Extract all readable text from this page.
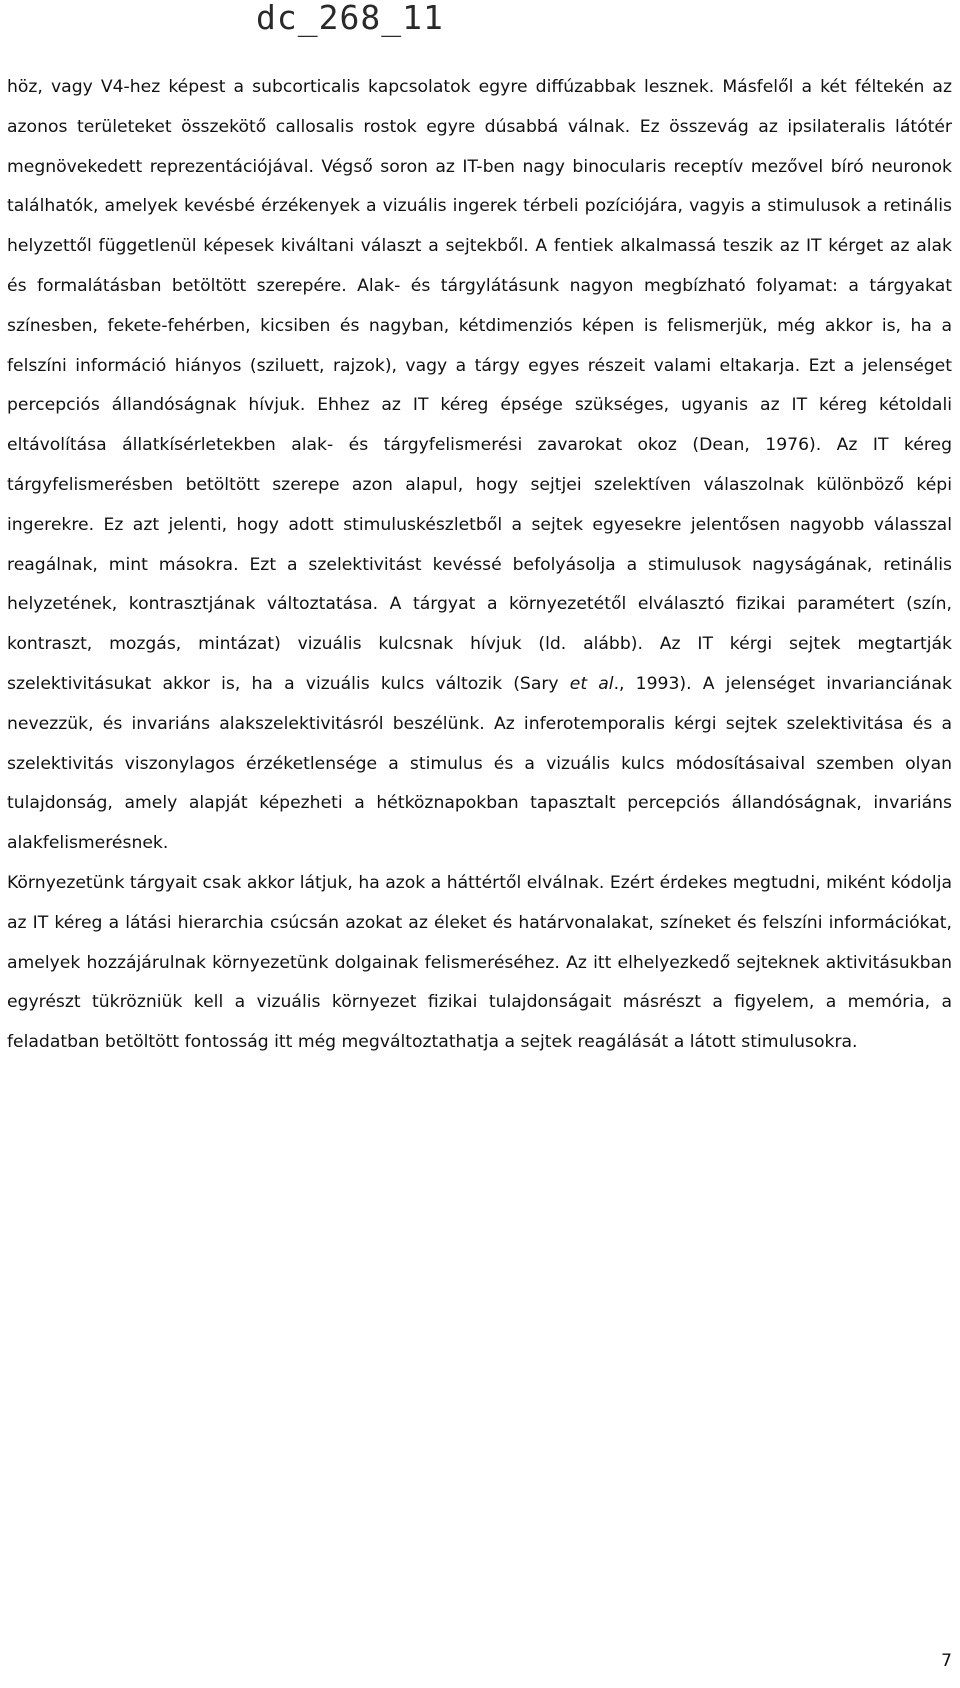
dc_268_11

höz, vagy V4-hez képest a subcorticalis kapcsolatok egyre diffúzabbak lesznek. Másfelől a két féltekén az azonos területeket összekötő callosalis rostok egyre dúsabbá válnak. Ez összevág az ipsilateralis látótér megnövekedett reprezentációjával. Végső soron az IT-ben nagy binocularis receptív mezővel bíró neuronok találhatók, amelyek kevésbé érzékenyek a vizuális ingerek térbeli pozíciójára, vagyis a stimulusok a retinális helyzettől függetlenül képesek kiváltani választ a sejtekből. A fentiek alkalmassá teszik az IT kérget az alak és formalátásban betöltött szerepére. Alak- és tárgylátásunk nagyon megbízható folyamat: a tárgyakat színesben, fekete-fehérben, kicsiben és nagyban, kétdimenziós képen is felismerjük, még akkor is, ha a felszíni információ hiányos (sziluett, rajzok), vagy a tárgy egyes részeit valami eltakarja. Ezt a jelenséget percepciós állandóságnak hívjuk. Ehhez az IT kéreg épsége szükséges, ugyanis az IT kéreg kétoldali eltávolítása állatkísérletekben alak- és tárgyfelismerési zavarokat okoz (Dean, 1976). Az IT kéreg tárgyfelismerésben betöltött szerepe azon alapul, hogy sejtjei szelektíven válaszolnak különböző képi ingerekre. Ez azt jelenti, hogy adott stimuluskészletből a sejtek egyesekre jelentősen nagyobb válasszal reagálnak, mint másokra. Ezt a szelektivitást kevéssé befolyásolja a stimulusok nagyságának, retinális helyzetének, kontrasztjának változtatása. A tárgyat a környezetétől elválasztó fizikai paramétert (szín, kontraszt, mozgás, mintázat) vizuális kulcsnak hívjuk (ld. alább). Az IT kérgi sejtek megtartják szelektivitásukat akkor is, ha a vizuális kulcs változik (Sary et al., 1993). A jelenséget invarianciának nevezzük, és invariáns alakszelektivitásról beszélünk. Az inferotemporalis kérgi sejtek szelektivitása és a szelektivitás viszonylagos érzéketlensége a stimulus és a vizuális kulcs módosításaival szemben olyan tulajdonság, amely alapját képezheti a hétköznapokban tapasztalt percepciós állandóságnak, invariáns alakfelismerésnek.

Környezetünk tárgyait csak akkor látjuk, ha azok a háttértől elválnak. Ezért érdekes megtudni, miként kódolja az IT kéreg a látási hierarchia csúcsán azokat az éleket és határvonalakat, színeket és felszíni információkat, amelyek hozzájárulnak környezetünk dolgainak felismeréséhez. Az itt elhelyezkedő sejteknek aktivitásukban egyrészt tükrözniük kell a vizuális környezet fizikai tulajdonságait másrészt a figyelem, a memória, a feladatban betöltött fontosság itt még megváltoztathatja a sejtek reagálását a látott stimulusokra.

7
